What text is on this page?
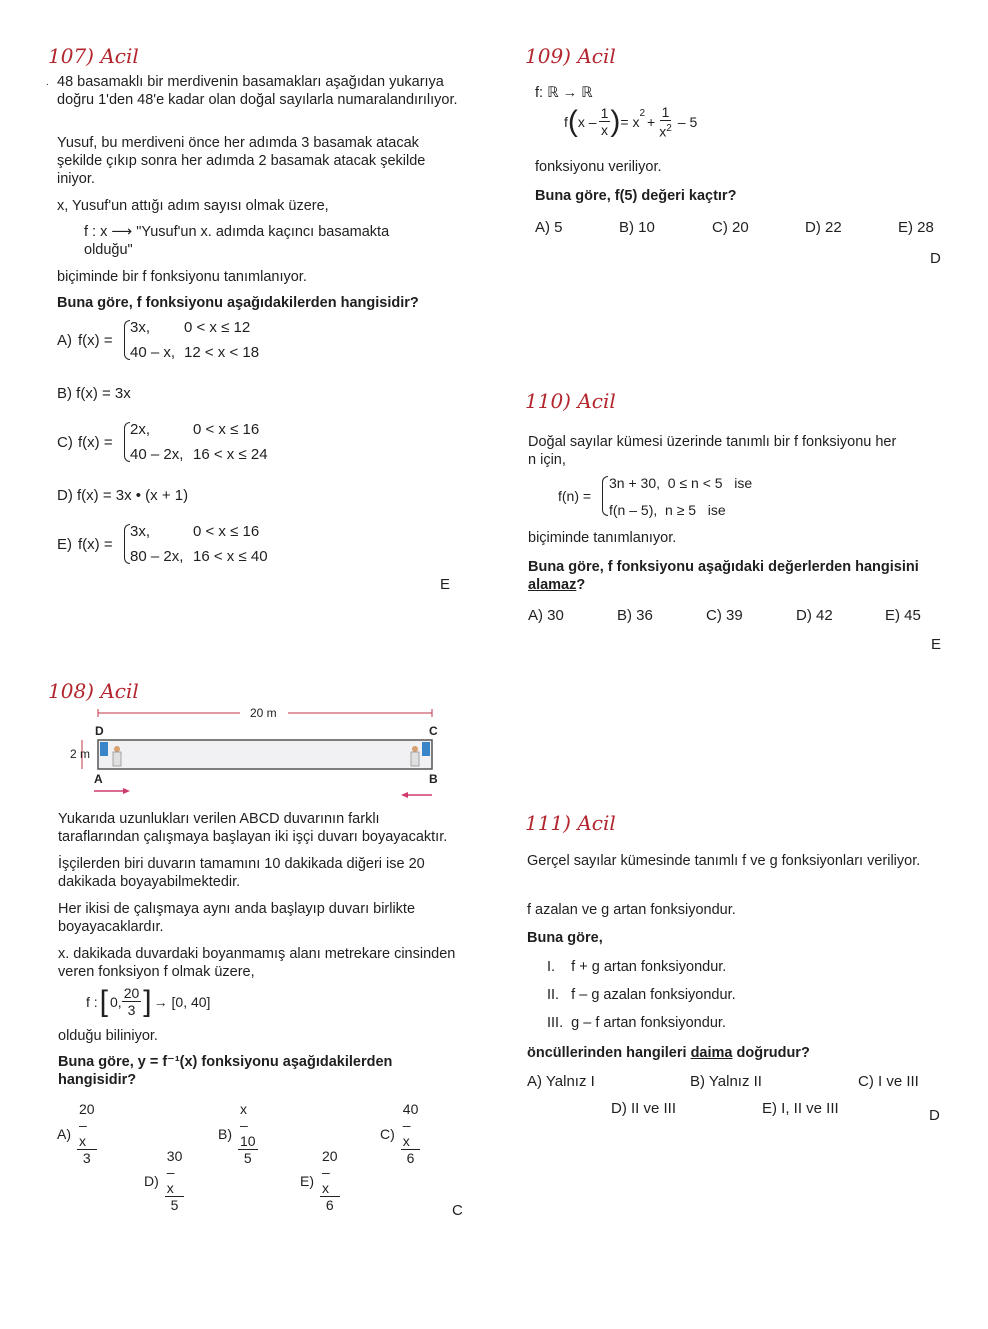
107) Acil
. 48 basamaklı bir merdivenin basamakları aşağıdan yukarıya doğru 1'den 48'e kadar olan doğal sayılarla numaralandırılıyor.
Yusuf, bu merdiveni önce her adımda 3 basamak atacak şekilde çıkıp sonra her adımda 2 basamak atacak şekilde iniyor.
x, Yusuf'un attığı adım sayısı olmak üzere,
f : x ⟶ "Yusuf'un x. adımda kaçıncı basamakta olduğu"
biçiminde bir f fonksiyonu tanımlanıyor.
Buna göre, f fonksiyonu aşağıdakilerden hangisidir?
A) f(x) =
3x, 0 < x ≤ 12
40 – x, 12 < x < 18
B) f(x) = 3x
C) f(x) =
2x,	0 < x ≤ 16
40 – 2x, 16 < x ≤ 24
D) f(x) = 3x • (x + 1)
E) f(x) =
3x,	0 < x ≤ 16
80 – 2x, 16 < x ≤ 40
E
108) Acil
20 m
D	C
2 m
A	B
Yukarıda uzunlukları verilen ABCD duvarının farklı taraflarından çalışmaya başlayan iki işçi duvarı boyayacaktır.
İşçilerden biri duvarın tamamını 10 dakikada diğeri ise 20 dakikada boyayabilmektedir.
Her ikisi de çalışmaya aynı anda başlayıp duvarı birlikte boyayacaklardır.
x. dakikada duvardaki boyanmamış alanı metrekare cinsinden veren fonksiyon f olmak üzere,
f : [ 0, $\frac{20}{3}$ ] → [0, 40]
olduğu biliniyor.
Buna göre, y = f⁻¹(x) fonksiyonu aşağıdakilerden hangisidir?
$A) \frac{20 - x}{3}$	$B) \frac{x - 10}{5}$	$C) \frac{40 - x}{6}$
$D) \frac{30 - x}{5}$	$E) \frac{20 - x}{6}$	C
109) Acil
f: ℝ → ℝ
f ( x – $\frac{1}{x}$ ) = x
$^2$
+ $\frac{1}{x^2} - 5$
fonksiyonu veriliyor.
Buna göre, f(5) değeri kaçtır?
A) 5	B) 10	C) 20	D) 22	E) 28
D
110) Acil
Doğal sayılar kümesi üzerinde tanımlı bir f fonksiyonu her n için,
f(n) =
3n + 30,  0 ≤ n < 5   ise
f(n – 5),  n ≥ 5   ise
biçiminde tanımlanıyor.
Buna göre, f fonksiyonu aşağıdaki değerlerden hangisini alamaz?
A) 30	B) 36	C) 39	D) 42	E) 45
E
111) Acil
Gerçel sayılar kümesinde tanımlı f ve g fonksiyonları veriliyor.
f azalan ve g artan fonksiyondur.
Buna göre,
I.    f + g artan fonksiyondur.
II.   f – g azalan fonksiyondur.
III.  g – f artan fonksiyondur.
öncüllerinden hangileri daima doğrudur?
A) Yalnız I	B) Yalnız II	C) I ve III
D) II ve III	E) I, II ve III	D
